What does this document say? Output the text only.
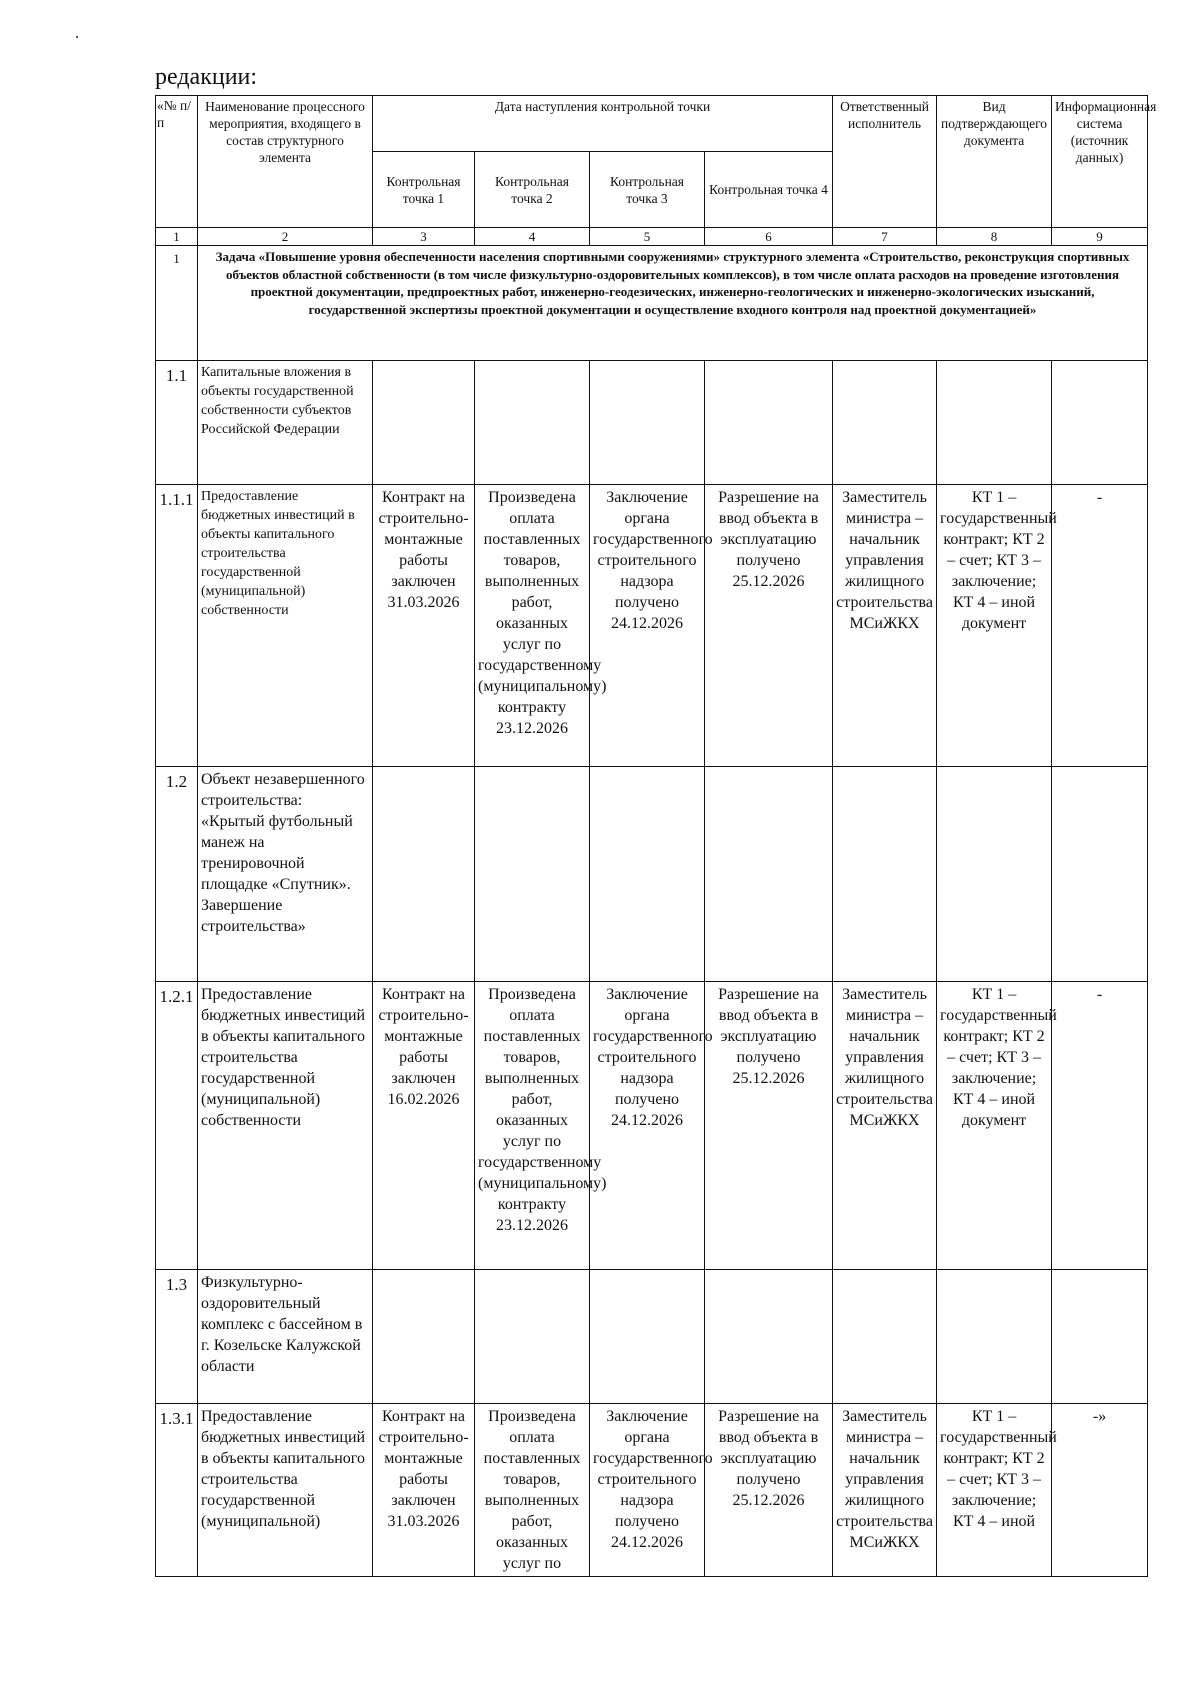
редакции:
«№ п/п	Наименование процессного мероприятия, входящего в состав структурного элемента	Дата наступления контрольной точки				Ответственный исполнитель	Вид подтверждающего документа	Информационная система (источник данных)
		Контрольная точка 1	Контрольная точка 2	Контрольная точка 3	Контрольная точка 4			
1	2	3	4	5	6	7	8	9
1	Задача «Повышение уровня обеспеченности населения спортивными сооружениями» структурного элемента «Строительство, реконструкция спортивных объектов областной собственности (в том числе физкультурно-оздоровительных комплексов), в том числе оплата расходов на проведение изготовления проектной документации, предпроектных работ, инженерно-геодезических, инженерно-геологических и инженерно-экологических изысканий, государственной экспертизы проектной документации и осуществление входного контроля над проектной документацией»							
1.1	Капитальные вложения в объекты государственной собственности субъектов Российской Федерации							
1.1.1	Предоставление бюджетных инвестиций в объекты капитального строительства государственной (муниципальной) собственности	Контракт на строительно-монтажные работы заключен 31.03.2026	Произведена оплата поставленных товаров, выполненных работ, оказанных услуг по государственному (муниципальному) контракту 23.12.2026	Заключение органа государственного строительного надзора получено 24.12.2026	Разрешение на ввод объекта в эксплуатацию получено 25.12.2026	Заместитель министра – начальник управления жилищного строительства МСиЖКХ	КТ 1 – государственный контракт; КТ 2 – счет; КТ 3 – заключение; КТ 4 – иной документ	-
1.2	Объект незавершенного строительства: «Крытый футбольный манеж на тренировочной площадке «Спутник». Завершение строительства»							
1.2.1	Предоставление бюджетных инвестиций в объекты капитального строительства государственной (муниципальной) собственности	Контракт на строительно-монтажные работы заключен 16.02.2026	Произведена оплата поставленных товаров, выполненных работ, оказанных услуг по государственному (муниципальному) контракту 23.12.2026	Заключение органа государственного строительного надзора получено 24.12.2026	Разрешение на ввод объекта в эксплуатацию получено 25.12.2026	Заместитель министра – начальник управления жилищного строительства МСиЖКХ	КТ 1 – государственный контракт; КТ 2 – счет; КТ 3 – заключение; КТ 4 – иной документ	-
1.3	Физкультурно-оздоровительный комплекс с бассейном в г. Козельске Калужской области							
1.3.1	Предоставление бюджетных инвестиций в объекты капитального строительства государственной (муниципальной)	Контракт на строительно-монтажные работы заключен 31.03.2026	Произведена оплата поставленных товаров, выполненных работ, оказанных услуг по	Заключение органа государственного строительного надзора получено 24.12.2026	Разрешение на ввод объекта в эксплуатацию получено 25.12.2026	Заместитель министра – начальник управления жилищного строительства МСиЖКХ	КТ 1 – государственный контракт; КТ 2 – счет; КТ 3 – заключение; КТ 4 – иной	-»
